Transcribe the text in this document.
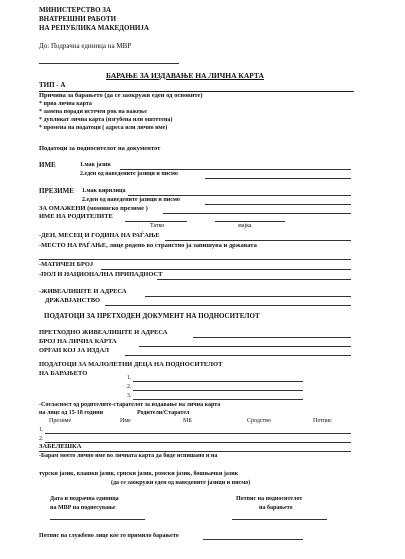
МИНИСТЕРСТВО ЗА
ВНАТРЕШНИ РАБОТИ
НА РЕПУБЛИКА МАКЕДОНИЈА
До: Подрачна единица на МВР
БАРАЊЕ ЗА ИЗДАВАЊЕ НА ЛИЧНА КАРТА
ТИП - А
Причина за барањето (да се заокружи еден од основите)
* прва лична карта
* замена поради истечен рок на важење
* дупликат лична карта (изгубена или оштетена)
* промена на податоци ( адреса или лично име)
Податоци за подносителот на документот
ИМЕ	1.мак јазик
2.еден од наведените јазици и писмо
ПРЕЗИМЕ 1.мак кирилица
2.еден од наведените јазици и писмо
ЗА ОМАЖЕНИ (моминско презиме )
ИМЕ НА РОДИТЕЛИТЕ
Татко	мајка
-ДЕН, МЕСЕЦ И ГОДИНА НА РАЃАЊЕ
-МЕСТО НА РАЃАЊЕ, лице родено во странство ја запишува и државата
-МАТИЧЕН БРОЈ
-ПОЛ И НАЦИОНАЛНА ПРИПАДНОСТ
-ЖИВЕАЛИШТЕ И АДРЕСА
ДРЖАВЈАНСТВО
ПОДАТОЦИ ЗА ПРЕТХОДЕН ДОКУМЕНТ НА ПОДНОСИТЕЛОТ
ПРЕТХОДНО ЖИВЕАЛИШТЕ И АДРЕСА
БРОЈ НА ЛИЧНА КАРТА
ОРГАН КОЈ ЈА ИЗДАЛ
ПОДАТОЦИ ЗА МАЛОЛЕТНИ ДЕЦА НА ПОДНОСИТЕЛОТ
НА БАРАЊЕТО
1.
2.
3.
-Согласност од родителите-старателот за издавање на лична карта
на лице од 15-18 години	Родители/Старател
Презиме	Име	МБ	Сродство	Потпис
1.
2.
ЗАБЕЛЕШКА
-Барам моето лично име во личната карта да биде испишано и на
турски јазик, влашки јазик, српски јазик, ромски јазик, бошњачки јазик
(да се заокружи еден од наведените јазици и писмо)
Дата и подрачна единица
на МВР на поднесување
Потпис на подносителот
на барањето
Потпис на службено лице кое го примило барањето
